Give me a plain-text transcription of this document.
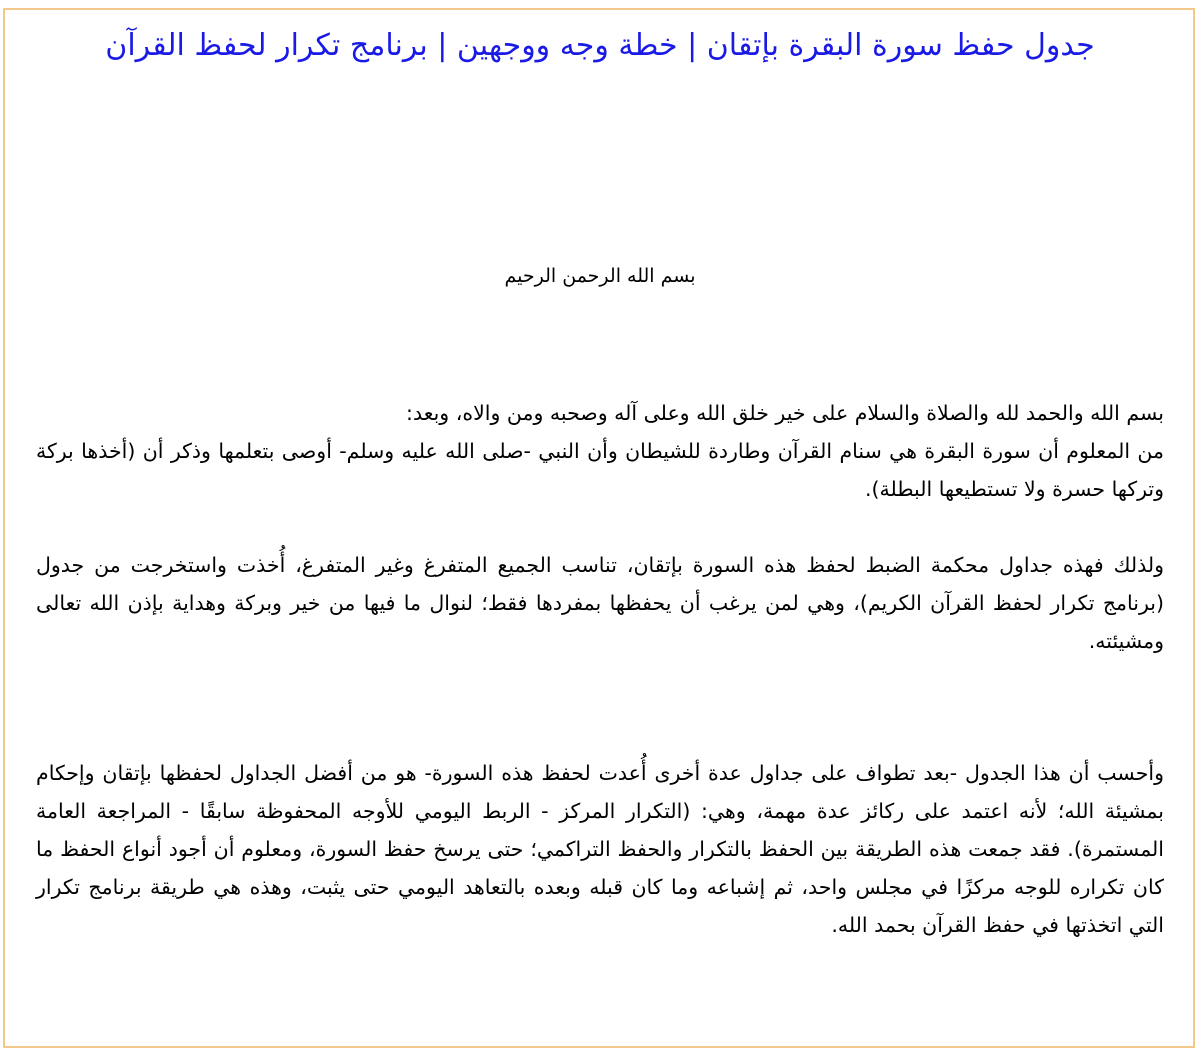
جدول حفظ سورة البقرة بإتقان | خطة وجه ووجهين | برنامج تكرار لحفظ القرآن

بسم الله الرحمن الرحيم

بسم الله والحمد لله والصلاة والسلام على خير خلق الله وعلى آله وصحبه ومن والاه، وبعد:

من المعلوم أن سورة البقرة هي سنام القرآن وطاردة للشيطان وأن النبي -صلى الله عليه وسلم- أوصى بتعلمها وذكر أن (أخذها بركة وتركها حسرة ولا تستطيعها البطلة).

ولذلك فهذه جداول محكمة الضبط لحفظ هذه السورة بإتقان، تناسب الجميع المتفرغ وغير المتفرغ، أُخذت واستخرجت من جدول (برنامج تكرار لحفظ القرآن الكريم)، وهي لمن يرغب أن يحفظها بمفردها فقط؛ لنوال ما فيها من خير وبركة وهداية بإذن الله تعالى ومشيئته.

وأحسب أن هذا الجدول -بعد تطواف على جداول عدة أخرى أُعدت لحفظ هذه السورة- هو من أفضل الجداول لحفظها بإتقان وإحكام بمشيئة الله؛ لأنه اعتمد على ركائز عدة مهمة، وهي: (التكرار المركز - الربط اليومي للأوجه المحفوظة سابقًا - المراجعة العامة المستمرة). فقد جمعت هذه الطريقة بين الحفظ بالتكرار والحفظ التراكمي؛ حتى يرسخ حفظ السورة، ومعلوم أن أجود أنواع الحفظ ما كان تكراره للوجه مركزًا في مجلس واحد، ثم إشباعه وما كان قبله وبعده بالتعاهد اليومي حتى يثبت، وهذه هي طريقة برنامج تكرار التي اتخذتها في حفظ القرآن بحمد الله.
